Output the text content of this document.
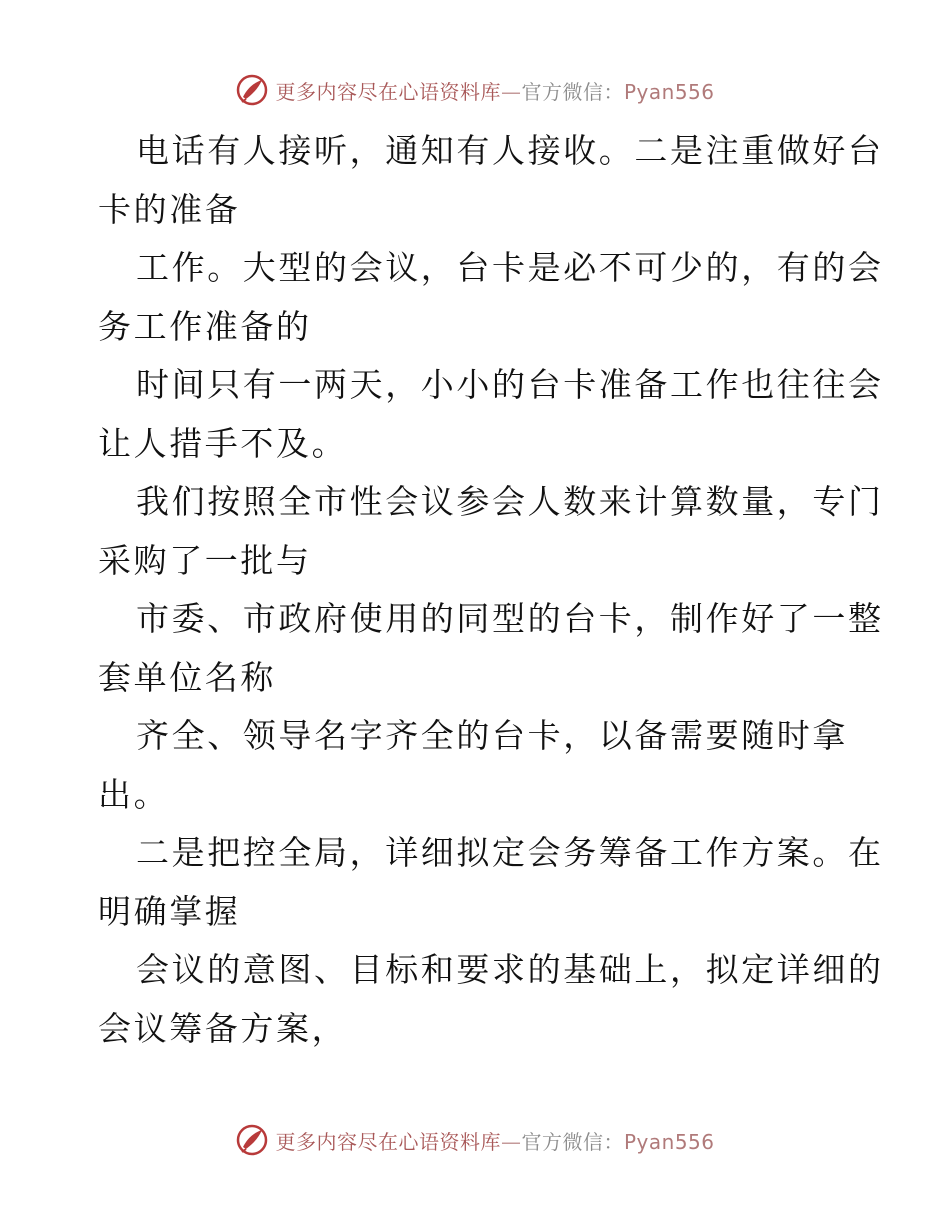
更多内容尽在心语资料库—官方微信：Pyan556
电话有人接听，通知有人接收。二是注重做好台
卡的准备
工作。大型的会议，台卡是必不可少的，有的会
务工作准备的
时间只有一两天，小小的台卡准备工作也往往会
让人措手不及。
我们按照全市性会议参会人数来计算数量，专门
采购了一批与
市委、市政府使用的同型的台卡，制作好了一整
套单位名称
齐全、领导名字齐全的台卡，以备需要随时拿
出。
二是把控全局，详细拟定会务筹备工作方案。在
明确掌握
会议的意图、目标和要求的基础上，拟定详细的
会议筹备方案，
更多内容尽在心语资料库—官方微信：Pyan556
